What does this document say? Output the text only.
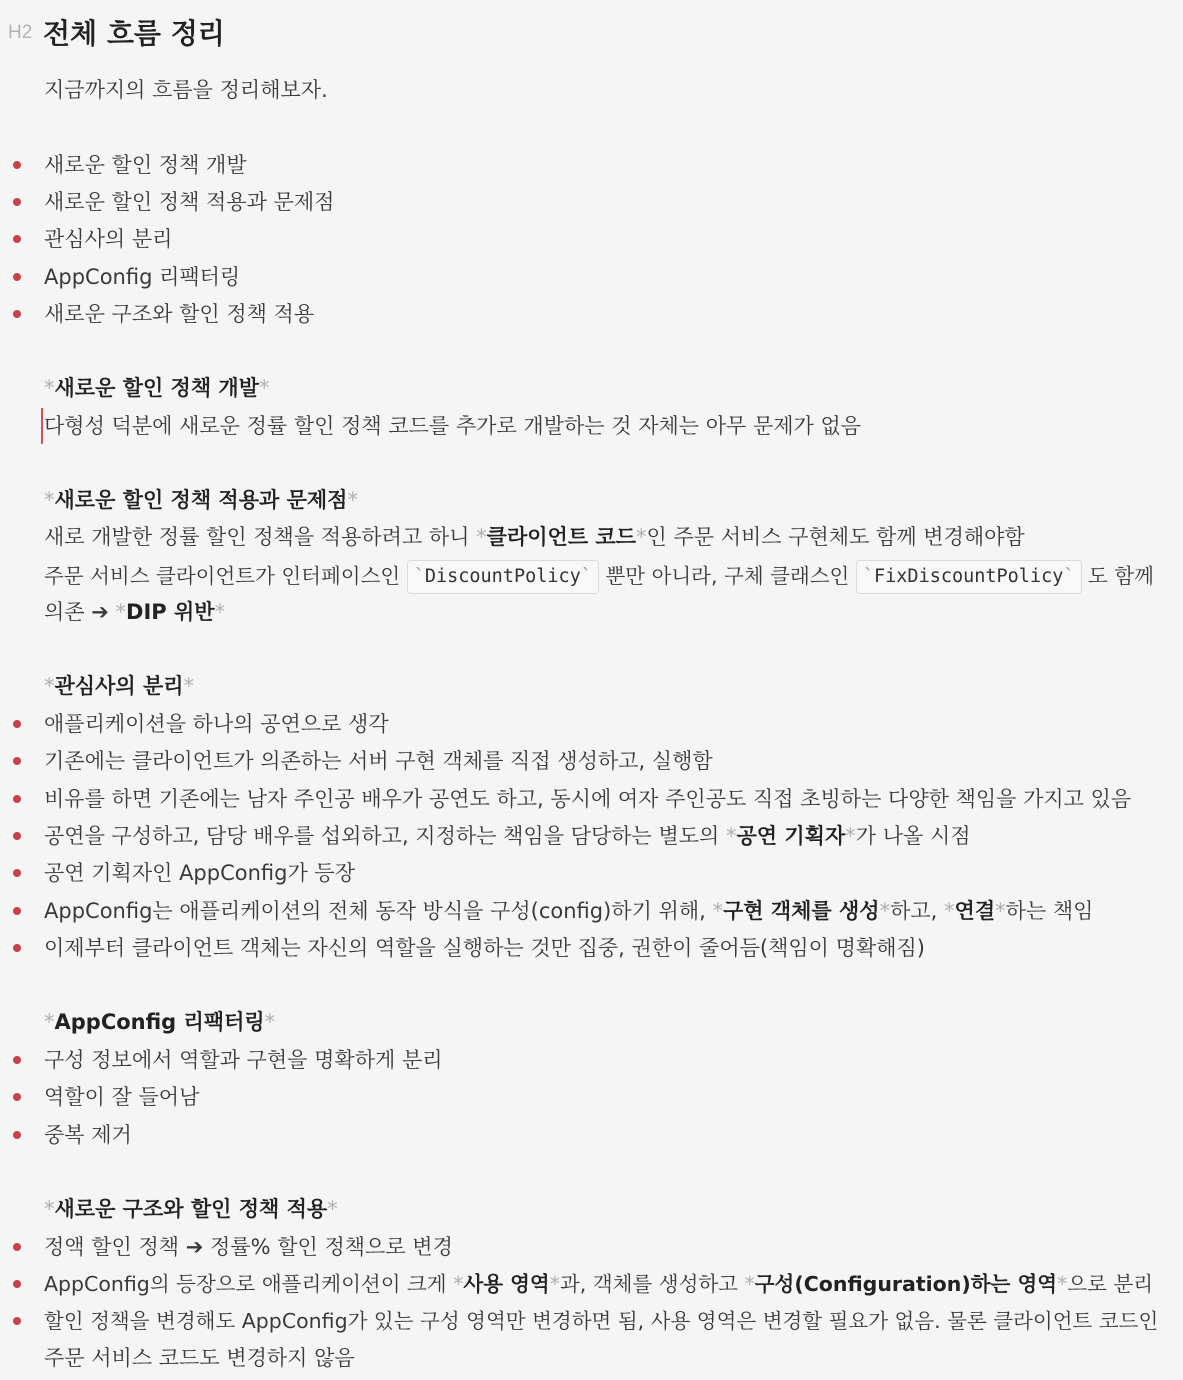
H2 전체 흐름 정리
지금까지의 흐름을 정리해보자.
새로운 할인 정책 개발
새로운 할인 정책 적용과 문제점
관심사의 분리
AppConfig 리팩터링
새로운 구조와 할인 정책 적용
*새로운 할인 정책 개발*
다형성 덕분에 새로운 정률 할인 정책 코드를 추가로 개발하는 것 자체는 아무 문제가 없음
*새로운 할인 정책 적용과 문제점*
새로 개발한 정률 할인 정책을 적용하려고 하니 *클라이언트 코드*인 주문 서비스 구현체도 함께 변경해야함
주문 서비스 클라이언트가 인터페이스인 `DiscountPolicy` 뿐만 아니라, 구체 클래스인 `FixDiscountPolicy` 도 함께
의존 ➔ *DIP 위반*
*관심사의 분리*
애플리케이션을 하나의 공연으로 생각
기존에는 클라이언트가 의존하는 서버 구현 객체를 직접 생성하고, 실행함
비유를 하면 기존에는 남자 주인공 배우가 공연도 하고, 동시에 여자 주인공도 직접 초빙하는 다양한 책임을 가지고 있음
공연을 구성하고, 담당 배우를 섭외하고, 지정하는 책임을 담당하는 별도의 *공연 기획자*가 나올 시점
공연 기획자인 AppConfig가 등장
AppConfig는 애플리케이션의 전체 동작 방식을 구성(config)하기 위해, *구현 객체를 생성*하고, *연결*하는 책임
이제부터 클라이언트 객체는 자신의 역할을 실행하는 것만 집중, 권한이 줄어듬(책임이 명확해짐)
*AppConfig 리팩터링*
구성 정보에서 역할과 구현을 명확하게 분리
역할이 잘 들어남
중복 제거
*새로운 구조와 할인 정책 적용*
정액 할인 정책 ➔ 정률% 할인 정책으로 변경
AppConfig의 등장으로 애플리케이션이 크게 *사용 영역*과, 객체를 생성하고 *구성(Configuration)하는 영역*으로 분리
할인 정책을 변경해도 AppConfig가 있는 구성 영역만 변경하면 됨, 사용 영역은 변경할 필요가 없음. 물론 클라이언트 코드인
주문 서비스 코드도 변경하지 않음
